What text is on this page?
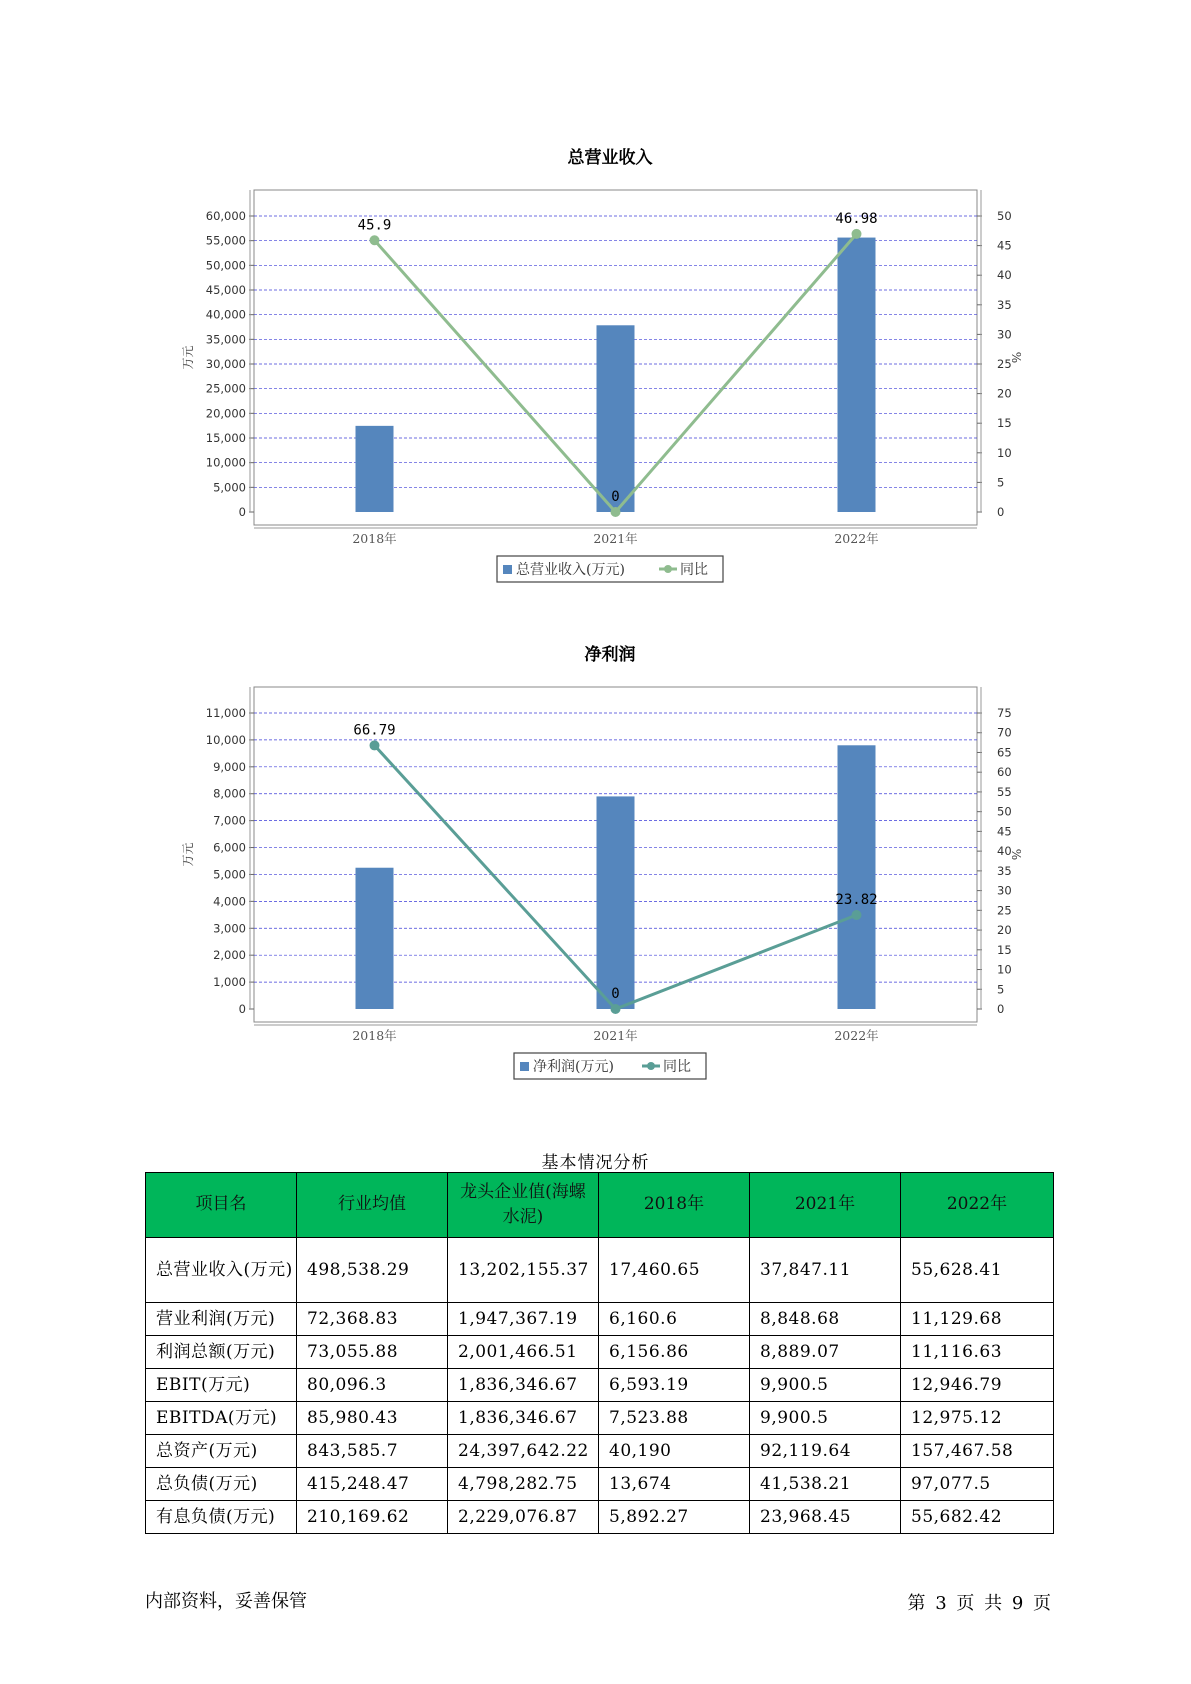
总营业收入
0
5,000
10,000
15,000
20,000
25,000
30,000
35,000
40,000
45,000
50,000
55,000
60,000
0
5
10
15
20
25
30
35
40
45
50
万元	%
2018年	2021年	2022年
45.9
0
46.98
总营业收入(万元)	同比
净利润
0
1,000
2,000
3,000
4,000
5,000
6,000
7,000
8,000
9,000
10,000
11,000
0
5
10
15
20
25
30
35
40
45
50
55
60
65
70
75
万元	%
2018年	2021年	2022年
66.79
0
23.82
净利润(万元)	同比
基本情况分析
项目名	行业均值	龙头企业值(海螺水泥)	2018年	2021年	2022年
总营业收入(万元)	498,538.29	13,202,155.37	17,460.65	37,847.11	55,628.41
营业利润(万元)	72,368.83	1,947,367.19	6,160.6	8,848.68	11,129.68
利润总额(万元)	73,055.88	2,001,466.51	6,156.86	8,889.07	11,116.63
EBIT(万元)	80,096.3	1,836,346.67	6,593.19	9,900.5	12,946.79
EBITDA(万元)	85,980.43	1,836,346.67	7,523.88	9,900.5	12,975.12
总资产(万元)	843,585.7	24,397,642.22	40,190	92,119.64	157,467.58
总负债(万元)	415,248.47	4,798,282.75	13,674	41,538.21	97,077.5
有息负债(万元)	210,169.62	2,229,076.87	5,892.27	23,968.45	55,682.42
内部资料，妥善保管	第 3 页 共 9 页
